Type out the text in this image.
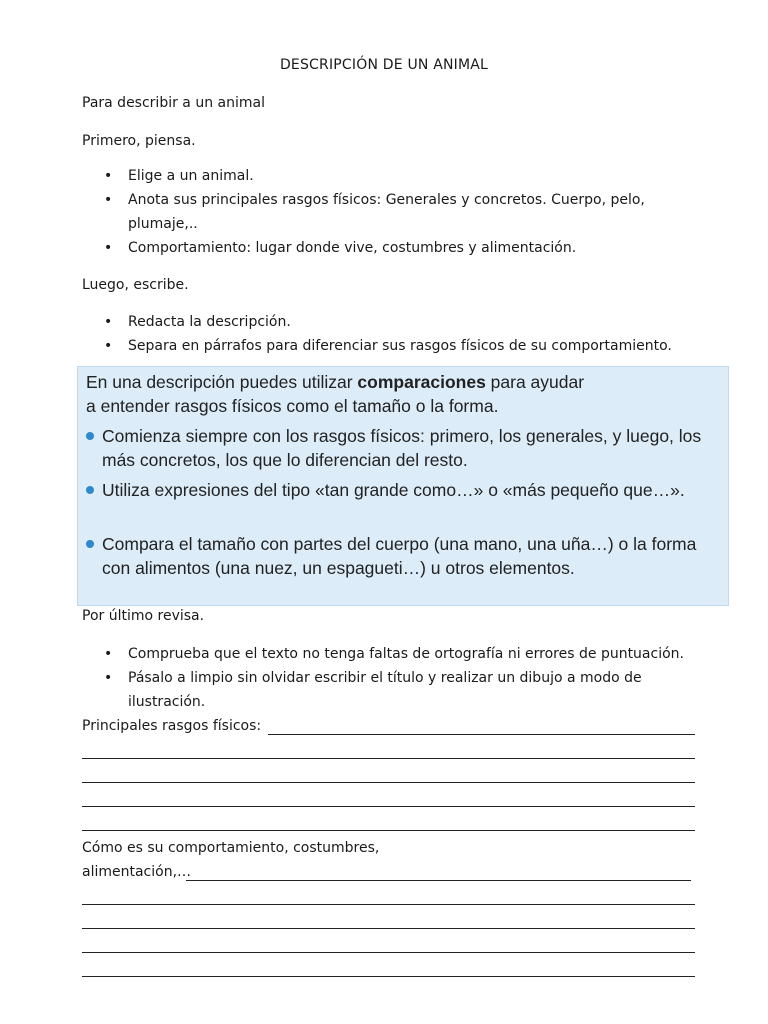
DESCRIPCIÓN DE UN ANIMAL
Para describir a un animal
Primero, piensa.
• Elige a un animal.
• Anota sus principales rasgos físicos: Generales y concretos. Cuerpo, pelo, plumaje,..
• Comportamiento: lugar donde vive, costumbres y alimentación.
Luego, escribe.
• Redacta la descripción.
• Separa en párrafos para diferenciar sus rasgos físicos de su comportamiento.

En una descripción puedes utilizar comparaciones para ayudar

a entender rasgos físicos como el tamaño o la forma.

Comienza siempre con los rasgos físicos: primero, los generales, y luego, los más concretos, los que lo diferencian del resto.
Utiliza expresiones del tipo «tan grande como…» o «más pequeño que…».
Compara el tamaño con partes del cuerpo (una mano, una uña…) o la forma con alimentos (una nuez, un espagueti…) u otros elementos.
Por último revisa.
• Comprueba que el texto no tenga faltas de ortografía ni errores de puntuación.
• Pásalo a limpio sin olvidar escribir el título y realizar un dibujo a modo de ilustración.
Principales rasgos físicos:
Cómo es su comportamiento, costumbres,
alimentación,…
